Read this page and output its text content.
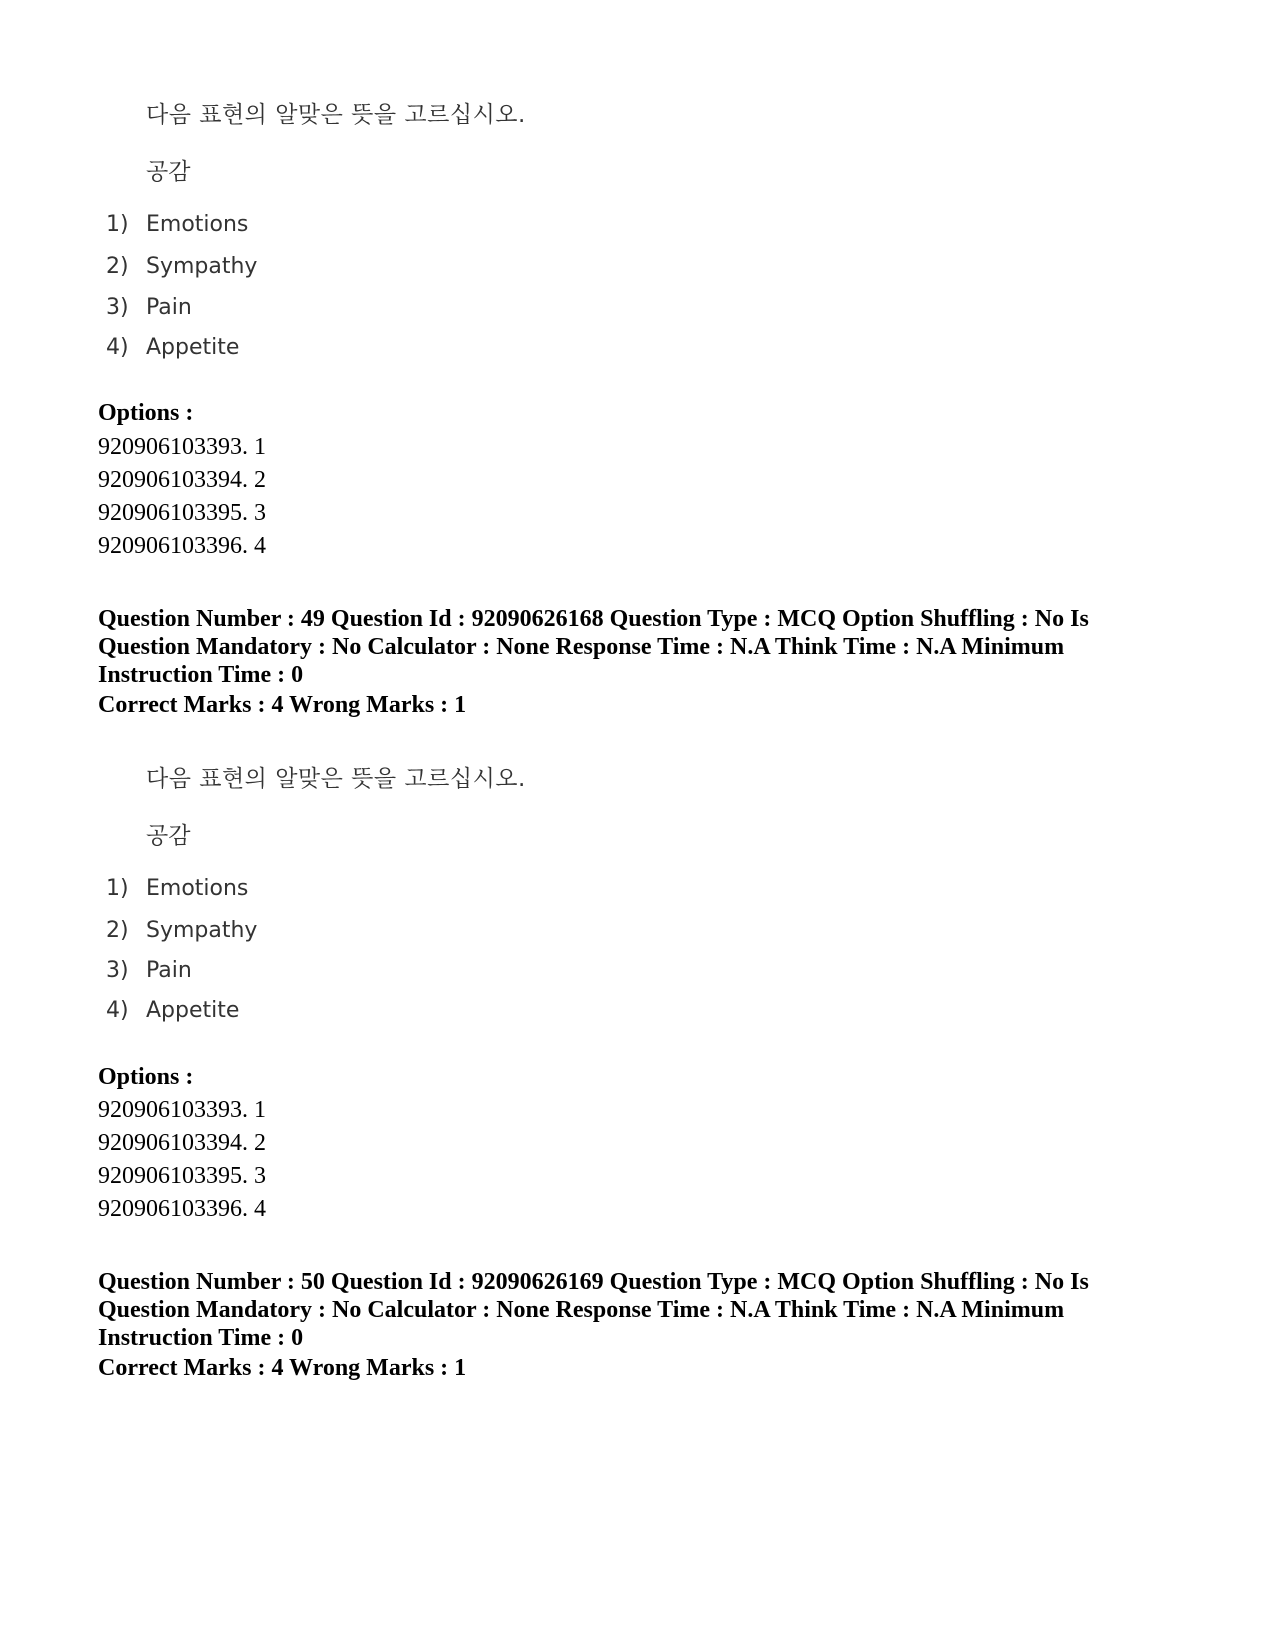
다음 표현의 알맞은 뜻을 고르십시오.
공감
1) Emotions
2) Sympathy
3) Pain
4) Appetite
Options :
920906103393. 1
920906103394. 2
920906103395. 3
920906103396. 4
Question Number : 49 Question Id : 92090626168 Question Type : MCQ Option Shuffling : No Is Question Mandatory : No Calculator : None Response Time : N.A Think Time : N.A Minimum Instruction Time : 0
Correct Marks : 4 Wrong Marks : 1
다음 표현의 알맞은 뜻을 고르십시오.
공감
1) Emotions
2) Sympathy
3) Pain
4) Appetite
Options :
920906103393. 1
920906103394. 2
920906103395. 3
920906103396. 4
Question Number : 50 Question Id : 92090626169 Question Type : MCQ Option Shuffling : No Is Question Mandatory : No Calculator : None Response Time : N.A Think Time : N.A Minimum Instruction Time : 0
Correct Marks : 4 Wrong Marks : 1
